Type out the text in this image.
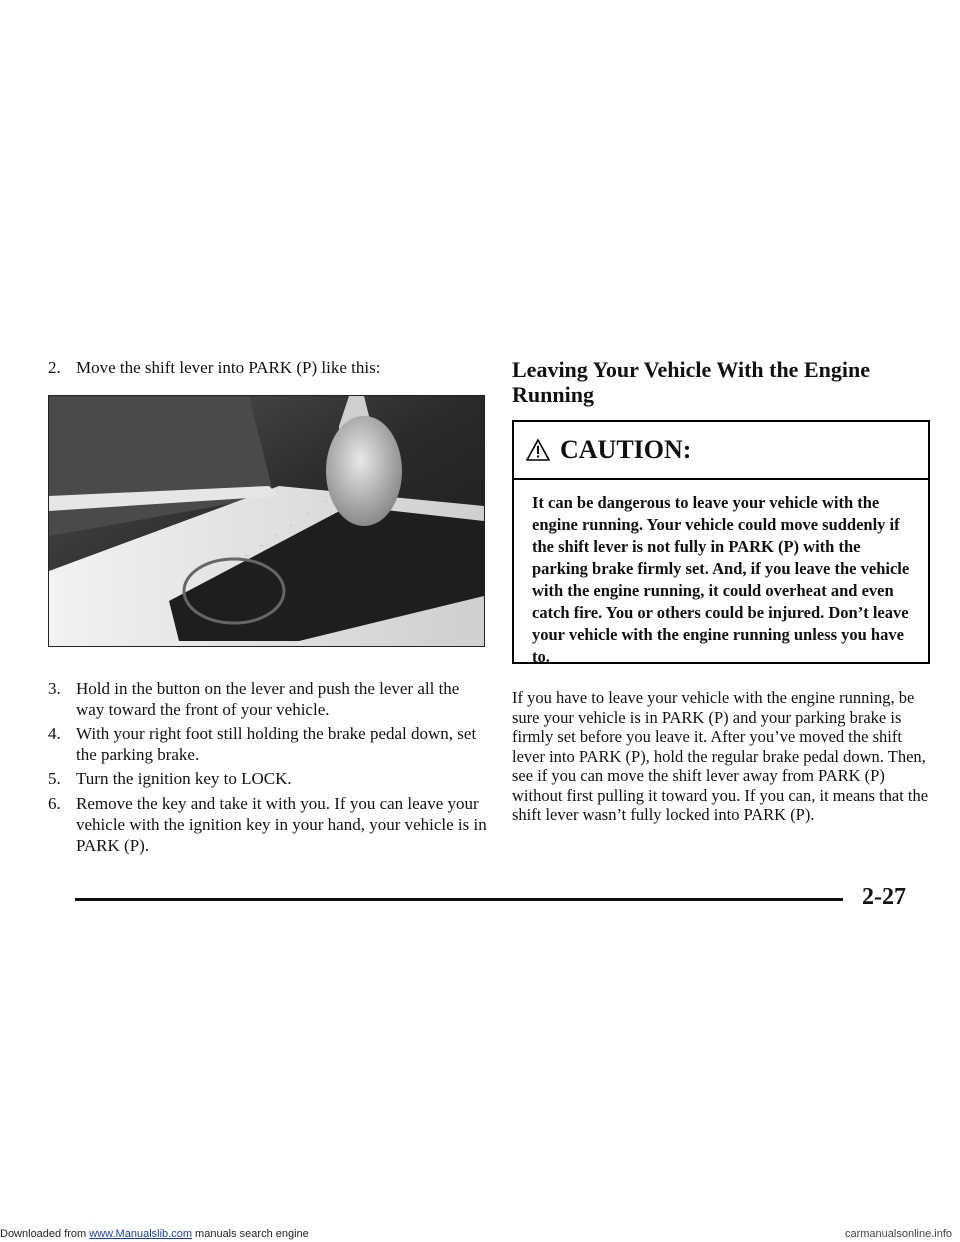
2. Move the shift lever into PARK (P) like this:
–
–
◦
◦
◦
◦
3. Hold in the button on the lever and push the lever all the way toward the front of your vehicle.
4. With your right foot still holding the brake pedal down, set the parking brake.
5. Turn the ignition key to LOCK.
6. Remove the key and take it with you. If you can leave your vehicle with the ignition key in your hand, your vehicle is in PARK (P).
Leaving Your Vehicle With the Engine Running
CAUTION:
It can be dangerous to leave your vehicle with the engine running. Your vehicle could move suddenly if the shift lever is not fully in PARK (P) with the parking brake firmly set. And, if you leave the vehicle with the engine running, it could overheat and even catch fire. You or others could be injured. Don’t leave your vehicle with the engine running unless you have to.
If you have to leave your vehicle with the engine running, be sure your vehicle is in PARK (P) and your parking brake is firmly set before you leave it. After you’ve moved the shift lever into PARK (P), hold the regular brake pedal down. Then, see if you can move the shift lever away from PARK (P) without first pulling it toward you. If you can, it means that the shift lever wasn’t fully locked into PARK (P).
2-27
Downloaded from www.Manualslib.com manuals search engine	carmanualsonline.info
